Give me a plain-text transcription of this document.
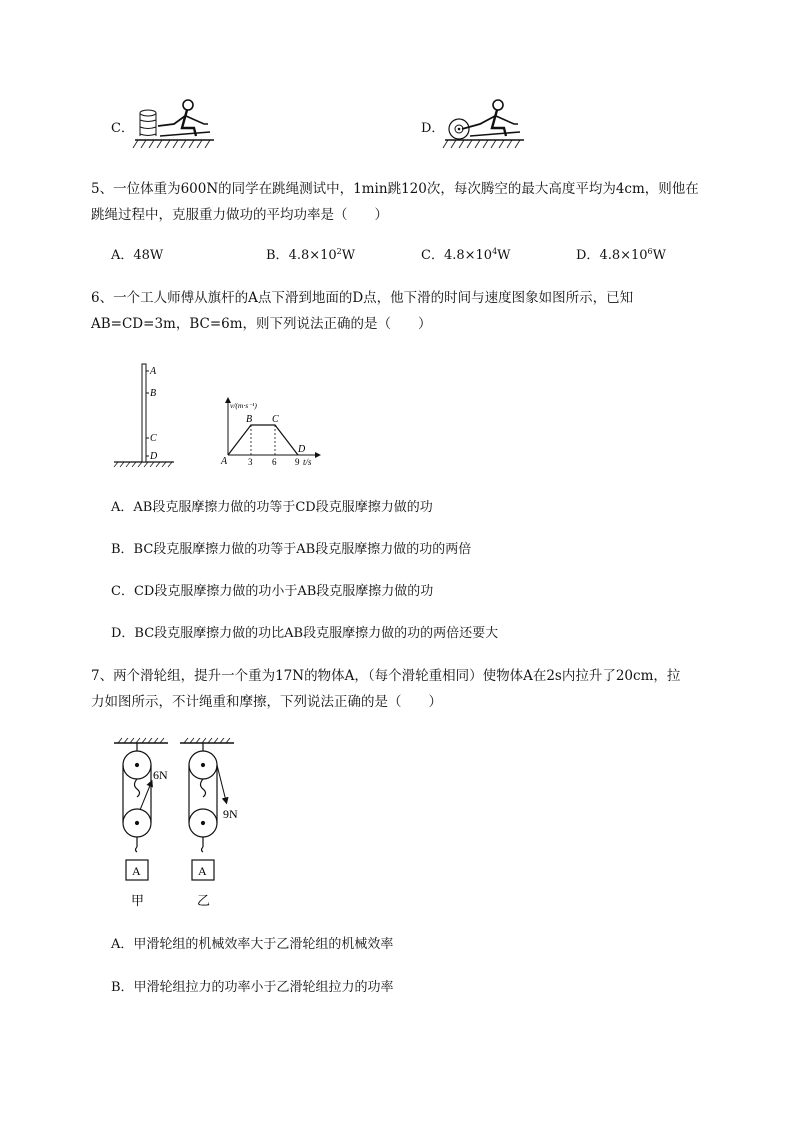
C．	D．
5、一位体重为600N的同学在跳绳测试中，1min跳120次，每次腾空的最大高度平均为4cm，则他在
跳绳过程中，克服重力做功的平均功率是（　　）
A．48W	B．$4.8\times 10^2W$	C．$4.8\times 10^4W$	D．$4.8\times 10^6W$
6、一个工人师傅从旗杆的A点下滑到地面的D点，他下滑的时间与速度图象如图所示，已知
AB=CD=3m，BC=6m，则下列说法正确的是（　　）
A
B
C
D
v/(m·s⁻¹)
B C
A
D
3 6 9 t/s
A．AB段克服摩擦力做的功等于CD段克服摩擦力做的功
B．BC段克服摩擦力做的功等于AB段克服摩擦力做的功的两倍
C．CD段克服摩擦力做的功小于AB段克服摩擦力做的功
D．BC段克服摩擦力做的功比AB段克服摩擦力做的功的两倍还要大
7、两个滑轮组，提升一个重为17N的物体A，（每个滑轮重相同）使物体A在2s内拉升了20cm，拉
力如图所示，不计绳重和摩擦，下列说法正确的是（　　）
6N
A
甲
9N
A
乙
A．甲滑轮组的机械效率大于乙滑轮组的机械效率
B．甲滑轮组拉力的功率小于乙滑轮组拉力的功率
